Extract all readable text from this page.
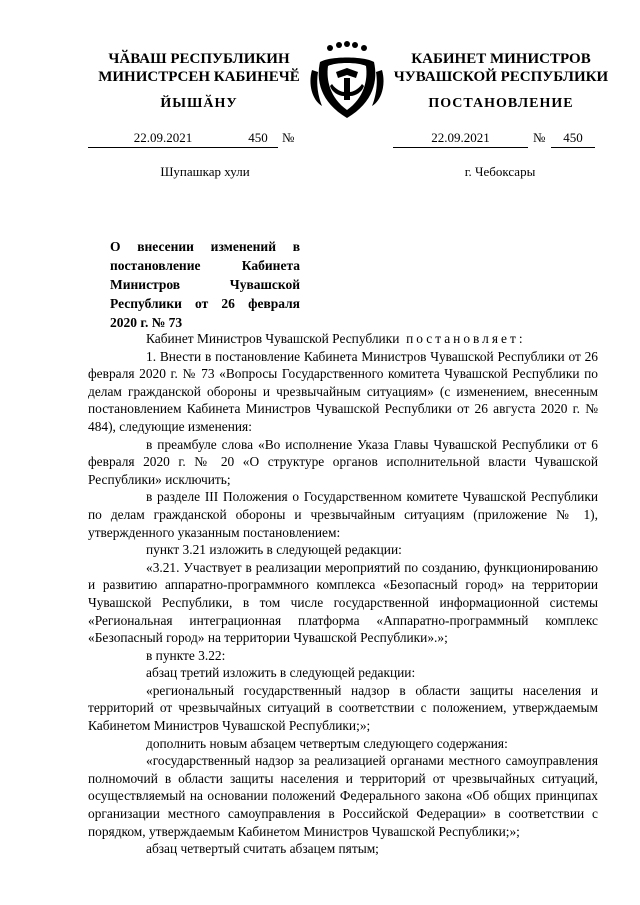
ЧӐВАШ РЕСПУБЛИКИН
МИНИСТРСЕН КАБИНЕЧӖ
КАБИНЕТ МИНИСТРОВ
ЧУВАШСКОЙ РЕСПУБЛИКИ
ЙЫШӐНУ	ПОСТАНОВЛЕНИЕ
22.09.2021	450	№	22.09.2021	№	450
Шупашкар хули	г. Чебоксары
О внесении изменений в постановление Кабинета Министров Чувашской Республики от 26 февраля 2020 г. № 73

Кабинет Министров Чувашской Республики постановляет:

1. Внести в постановление Кабинета Министров Чувашской Республики от 26 февраля 2020 г. № 73 «Вопросы Государственного комитета Чувашской Республики по делам гражданской обороны и чрезвычайным ситуациям» (с изменением, внесенным постановлением Кабинета Министров Чувашской Республики от 26 августа 2020 г. № 484), следующие изменения:

в преамбуле слова «Во исполнение Указа Главы Чувашской Республики от 6 февраля 2020 г. № 20 «О структуре органов исполнительной власти Чувашской Республики» исключить;

в разделе III Положения о Государственном комитете Чувашской Республики по делам гражданской обороны и чрезвычайным ситуациям (приложение № 1), утвержденного указанным постановлением:

пункт 3.21 изложить в следующей редакции:

«3.21. Участвует в реализации мероприятий по созданию, функционированию и развитию аппаратно-программного комплекса «Безопасный город» на территории Чувашской Республики, в том числе государственной информационной системы «Региональная интеграционная платформа «Аппаратно-программный комплекс «Безопасный город» на территории Чувашской Республики».»;

в пункте 3.22:

абзац третий изложить в следующей редакции:

«региональный государственный надзор в области защиты населения и территорий от чрезвычайных ситуаций в соответствии с положением, утверждаемым Кабинетом Министров Чувашской Республики;»;

дополнить новым абзацем четвертым следующего содержания:

«государственный надзор за реализацией органами местного самоуправления полномочий в области защиты населения и территорий от чрезвычайных ситуаций, осуществляемый на основании положений Федерального закона «Об общих принципах организации местного самоуправления в Российской Федерации» в соответствии с порядком, утверждаемым Кабинетом Министров Чувашской Республики;»;

абзац четвертый считать абзацем пятым;
